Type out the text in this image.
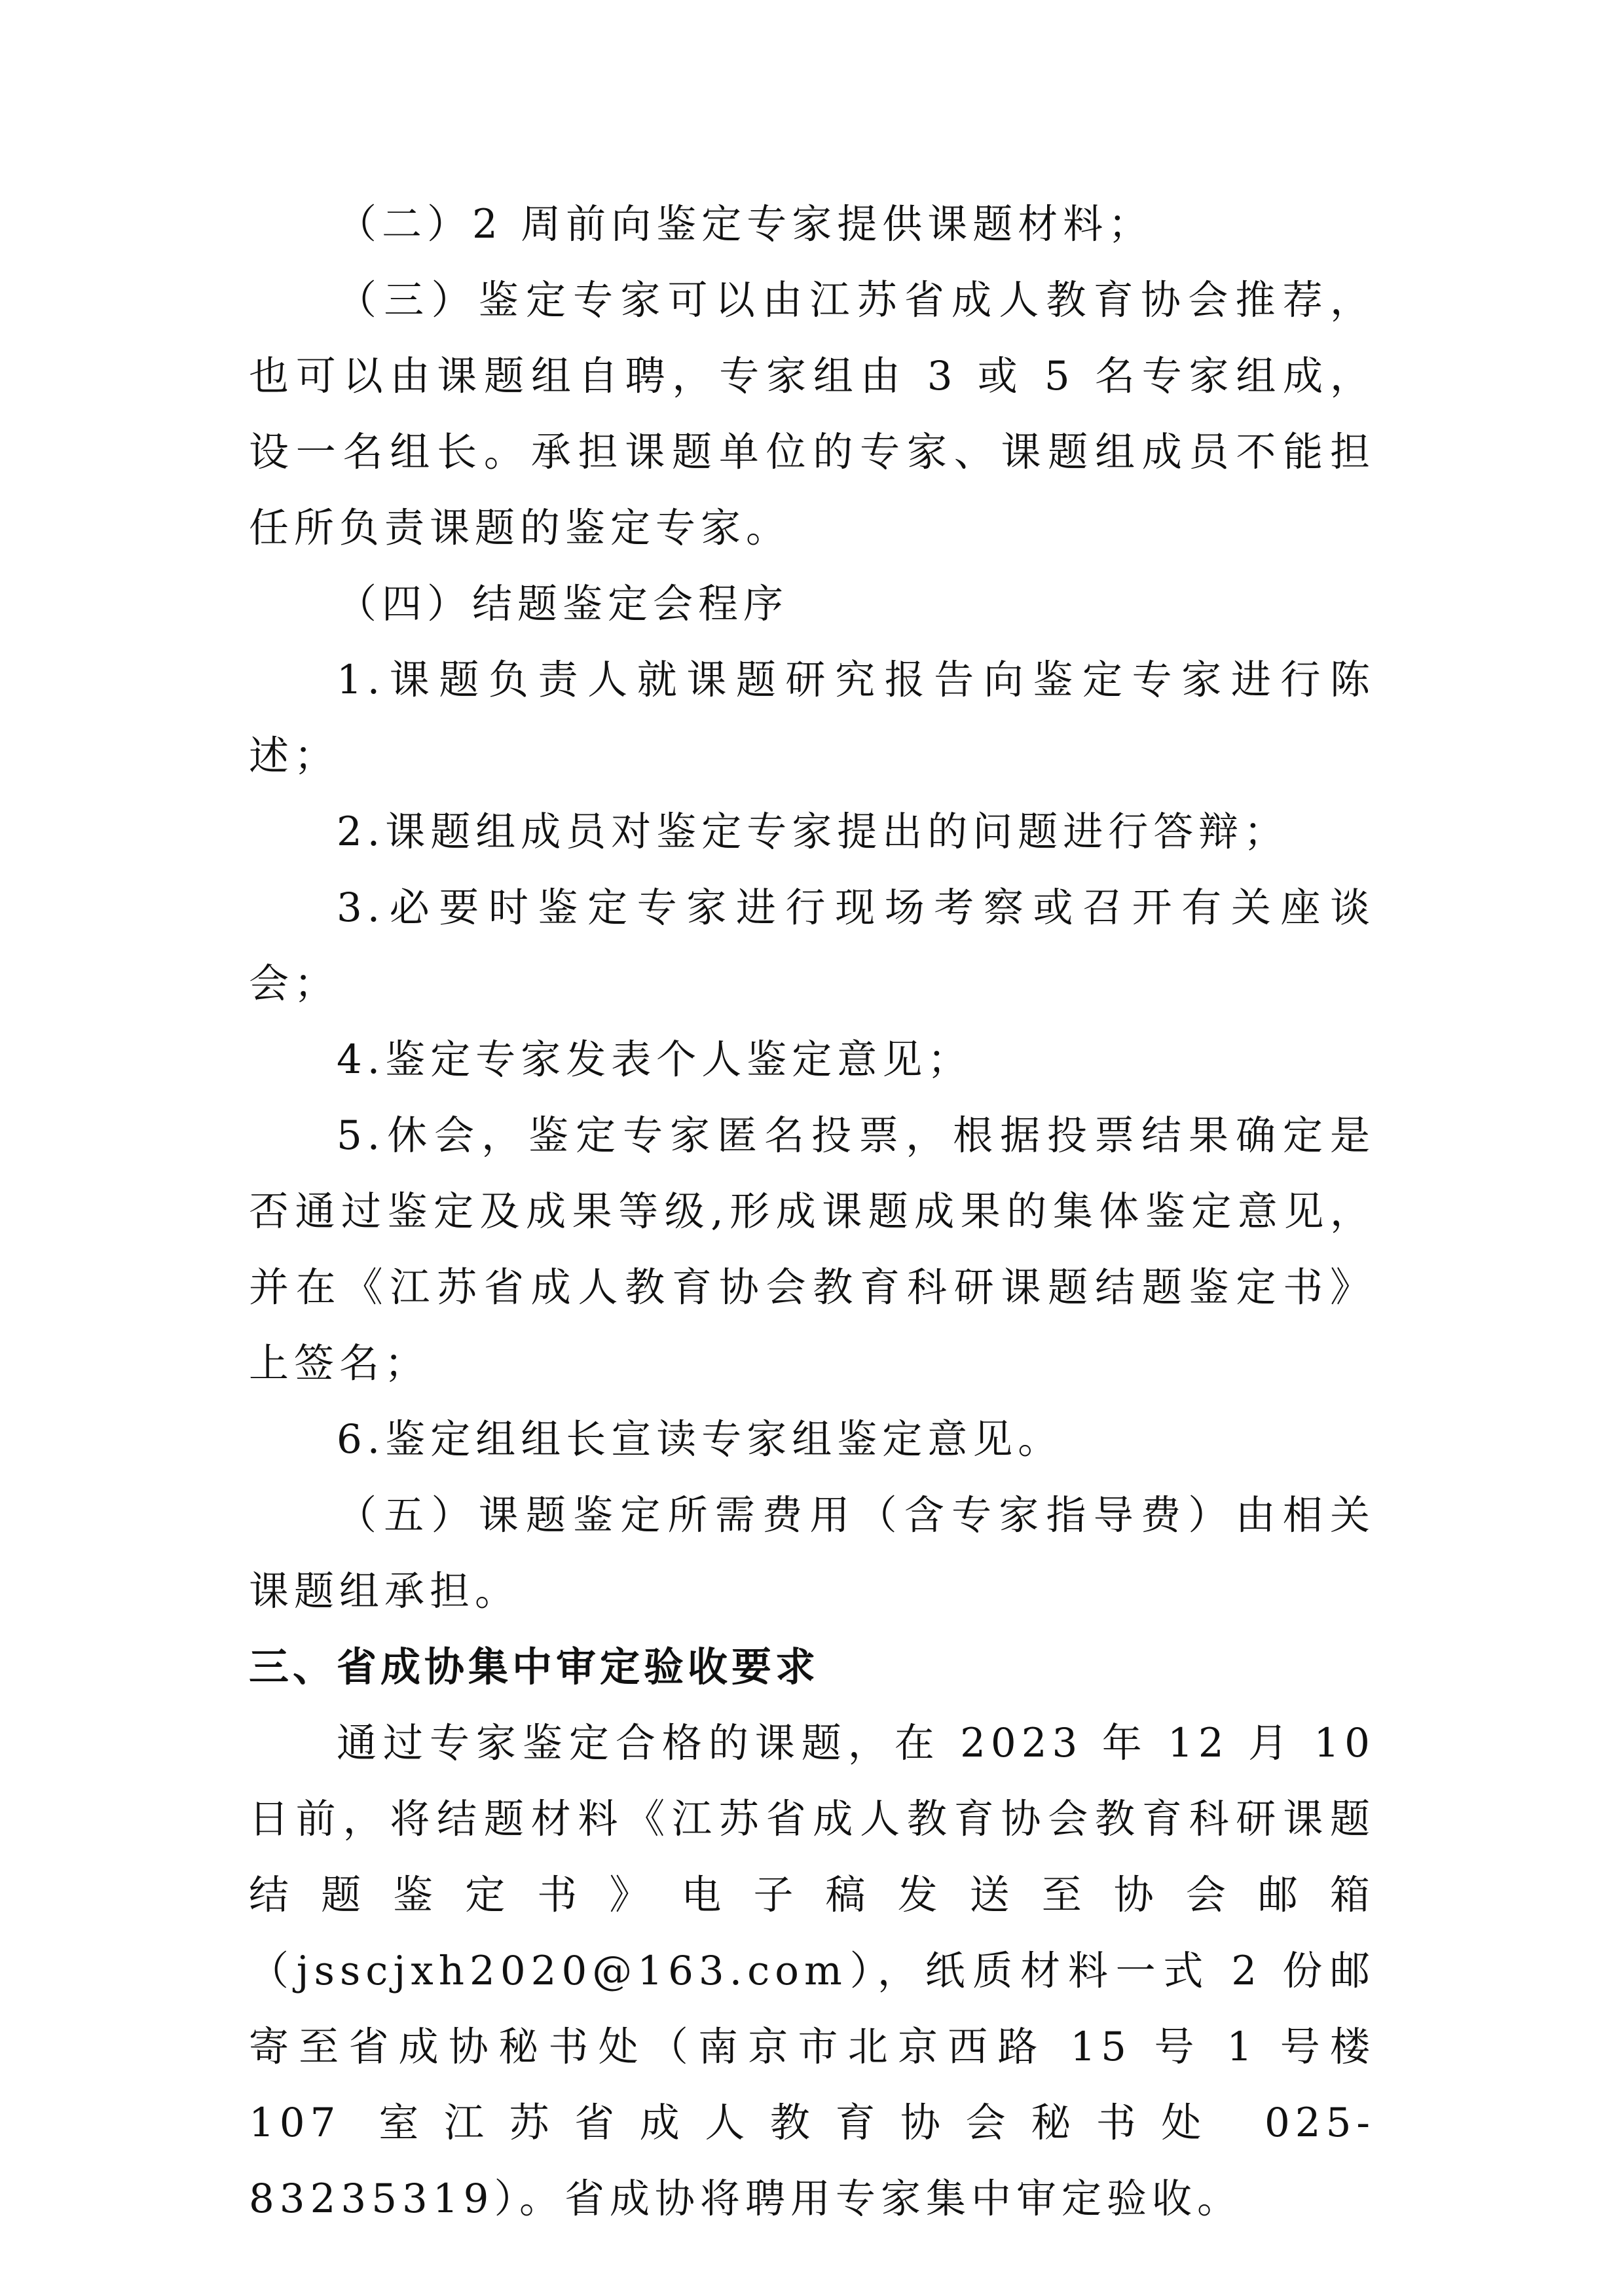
（二）2 周前向鉴定专家提供课题材料；

（三）鉴定专家可以由江苏省成人教育协会推荐，也可以由课题组自聘，专家组由 3 或 5 名专家组成，设一名组长。承担课题单位的专家、课题组成员不能担任所负责课题的鉴定专家。

（四）结题鉴定会程序

1.课题负责人就课题研究报告向鉴定专家进行陈述；

2.课题组成员对鉴定专家提出的问题进行答辩；

3.必要时鉴定专家进行现场考察或召开有关座谈会；

4.鉴定专家发表个人鉴定意见；

5.休会，鉴定专家匿名投票，根据投票结果确定是否通过鉴定及成果等级,形成课题成果的集体鉴定意见，并在《江苏省成人教育协会教育科研课题结题鉴定书》上签名；

6.鉴定组组长宣读专家组鉴定意见。

（五）课题鉴定所需费用（含专家指导费）由相关课题组承担。

三、省成协集中审定验收要求

通过专家鉴定合格的课题，在 2023 年 12 月 10 日前，将结题材料《江苏省成人教育协会教育科研课题结题鉴定书》电子稿发送至协会邮箱（jsscjxh2020@163.com），纸质材料一式 2 份邮寄至省成协秘书处（南京市北京西路 15 号 1 号楼 107 室江苏省成人教育协会秘书处 025-83235319）。省成协将聘用专家集中审定验收。
